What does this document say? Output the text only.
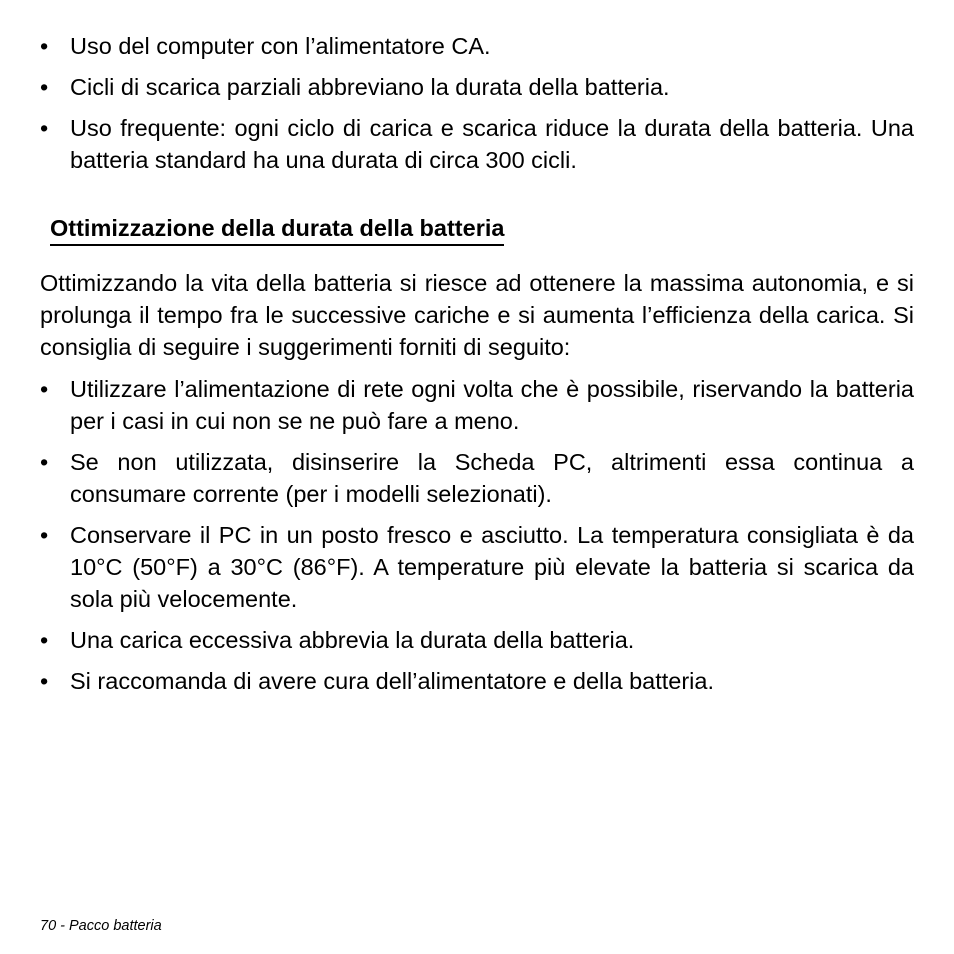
• Uso del computer con l’alimentatore CA.
• Cicli di scarica parziali abbreviano la durata della batteria.
• Uso frequente: ogni ciclo di carica e scarica riduce la durata della batteria. Una batteria standard ha una durata di circa 300 cicli.
Ottimizzazione della durata della batteria
Ottimizzando la vita della batteria si riesce ad ottenere la massima autonomia, e si prolunga il tempo fra le successive cariche e si aumenta l’efficienza della carica. Si consiglia di seguire i suggerimenti forniti di seguito:
• Utilizzare l’alimentazione di rete ogni volta che è possibile, riservando la batteria per i casi in cui non se ne può fare a meno.
• Se non utilizzata, disinserire la Scheda PC, altrimenti essa continua a consumare corrente (per i modelli selezionati).
• Conservare il PC in un posto fresco e asciutto. La temperatura consigliata è da 10°C (50°F) a 30°C (86°F). A temperature più elevate la batteria si scarica da sola più velocemente.
• Una carica eccessiva abbrevia la durata della batteria.
• Si raccomanda di avere cura dell’alimentatore e della batteria.
70 - Pacco batteria
